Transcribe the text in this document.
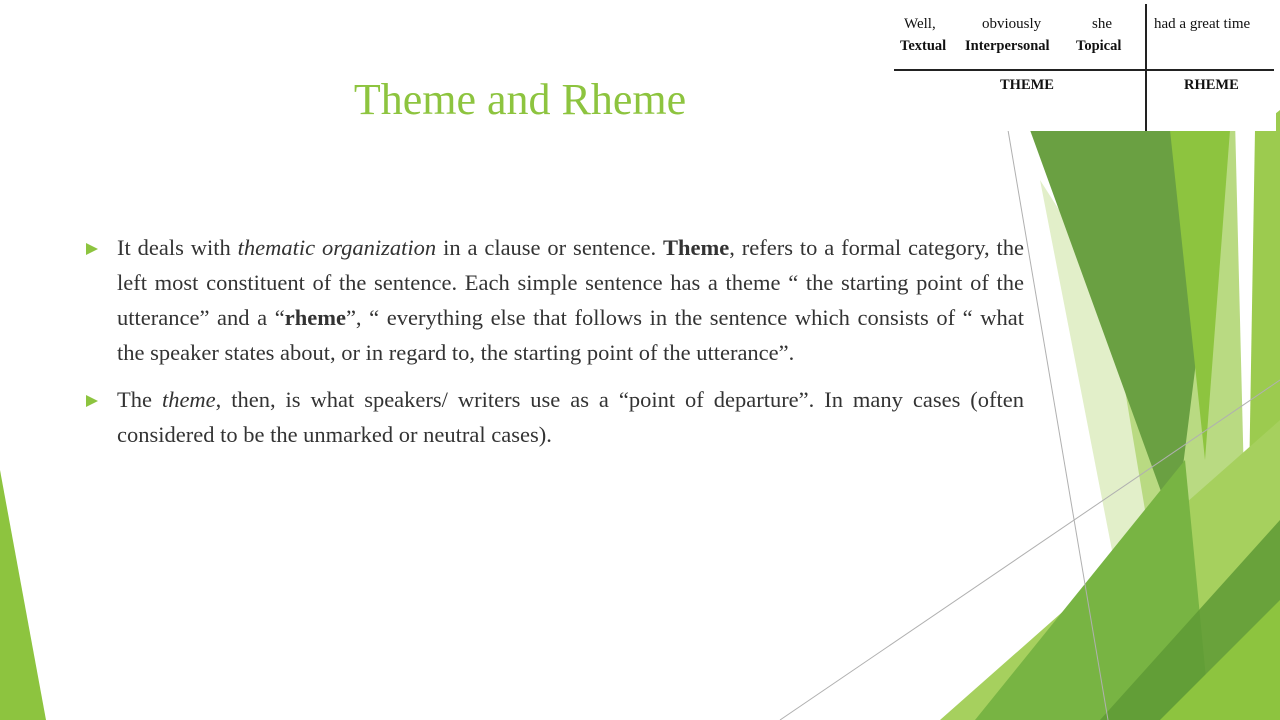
Well,	obviously	she	had a great time
Textual Interpersonal Topical
THEME	RHEME
Theme and Rheme
It deals with thematic organization in a clause or sentence. Theme, refers to a formal category, the left most constituent of the sentence. Each simple sentence has a theme “ the starting point of the utterance” and a “rheme”, “ everything else that follows in the sentence which consists of “ what the speaker states about, or in regard to, the starting point of the utterance”.
The theme, then, is what speakers/ writers use as a “point of departure”. In many cases (often considered to be the unmarked or neutral cases).
